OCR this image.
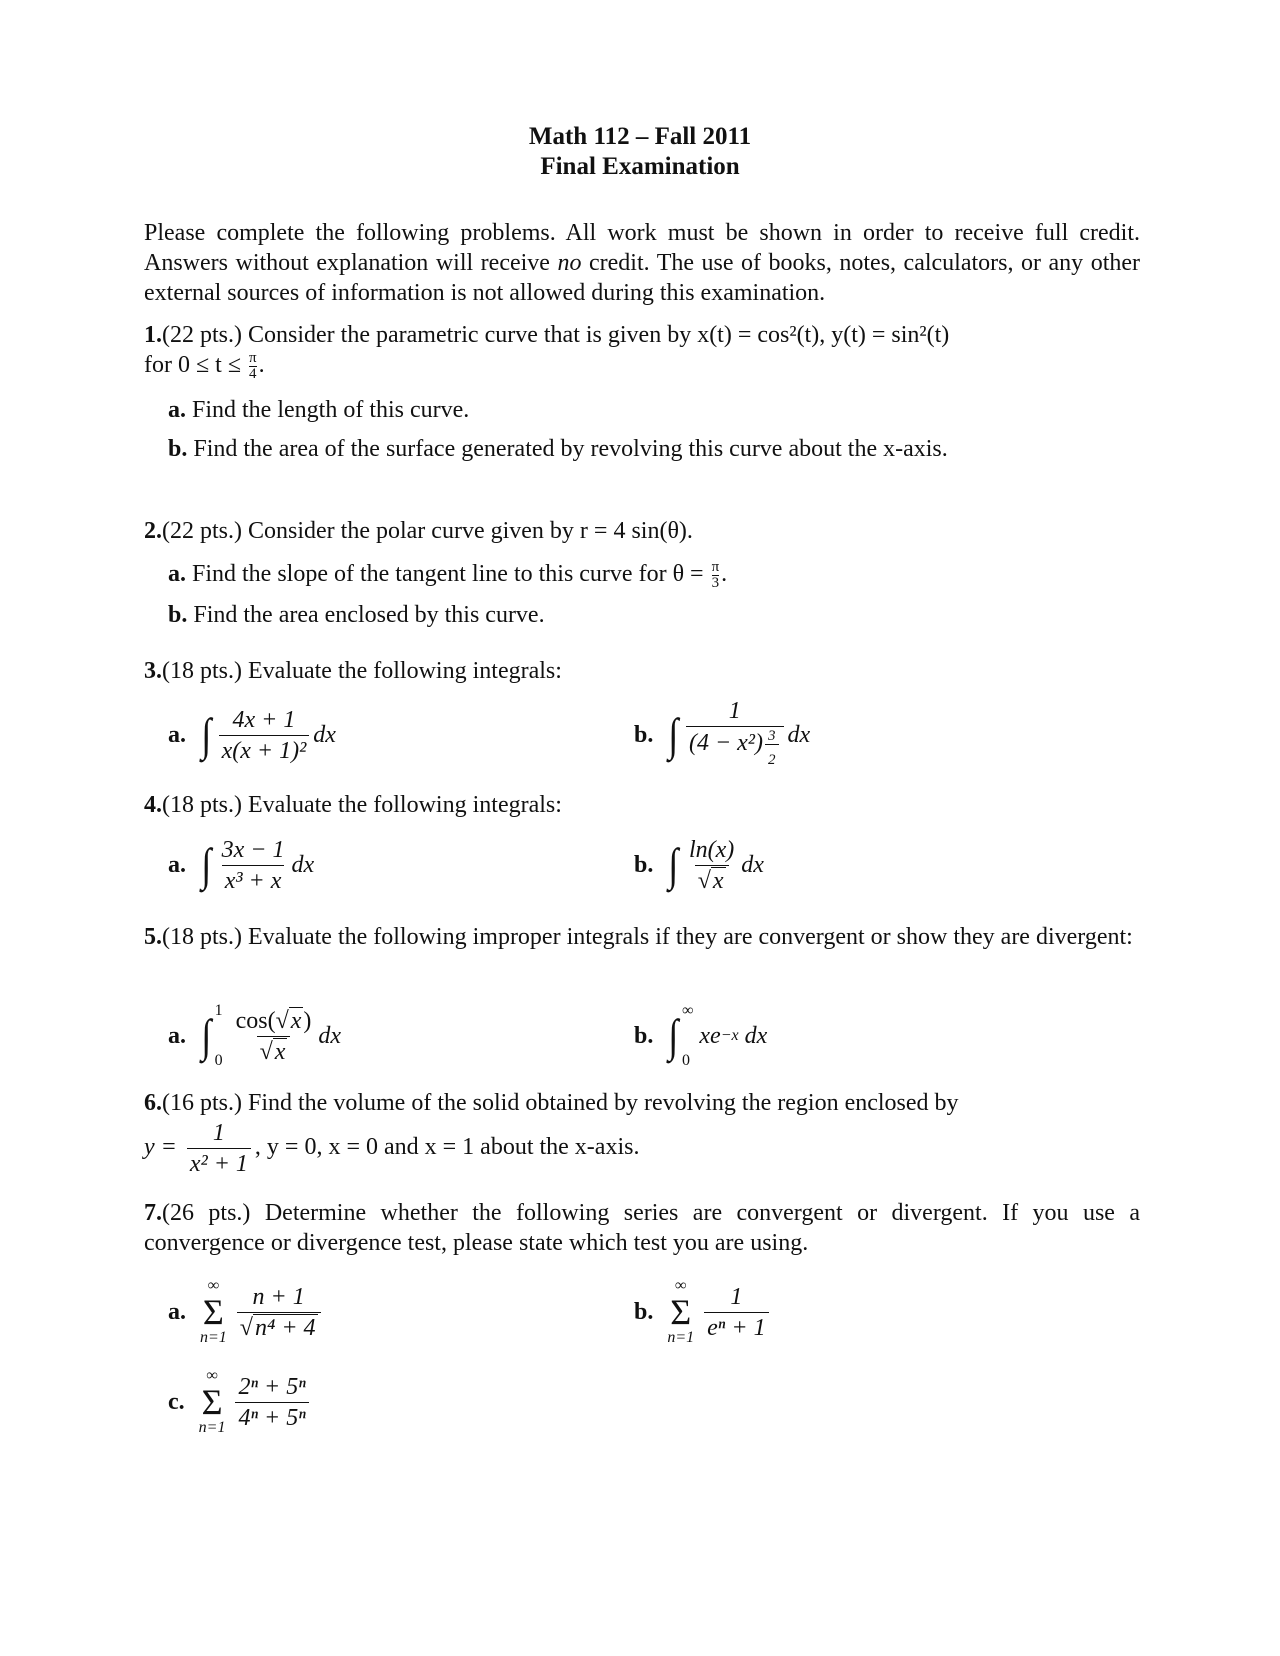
Math 112 – Fall 2011
Final Examination
Please complete the following problems. All work must be shown in order to receive full credit. Answers without explanation will receive no credit. The use of books, notes, calculators, or any other external sources of information is not allowed during this examination.
1.(22 pts.) Consider the parametric curve that is given by x(t) = cos²(t), y(t) = sin²(t)
for $0 \le t \le \frac{\pi}{4}$ .
a. Find the length of this curve.
b. Find the area of the surface generated by revolving this curve about the x-axis.
2.(22 pts.) Consider the polar curve given by r = 4 sin(θ).
a. Find the slope of the tangent line to this curve for $\theta = \frac{\pi}{3}$ .
b. Find the area enclosed by this curve.
3.(18 pts.) Evaluate the following integrals:
a. ∫ $\frac{4x + 1}{\text{x(x + 1)²}}$ dx	b. ∫ $\frac{1}{(4 - x^2) \frac{3}{2}}$ dx
4.(18 pts.) Evaluate the following integrals:
a. ∫ $\frac{3x - 1}{\text{x³ + x}}$ dx	b. ∫ $\frac{\ln(x)}{√x}$ dx
5.(18 pts.) Evaluate the following improper integrals if they are convergent or show they are divergent:
a. ∫ 1
$0 \frac{\cos(√x)}{√x}$ dx	b. ∫ ∞
0
xe −x
dx
6.(16 pts.) Find the volume of the solid obtained by revolving the region enclosed by
$y = \frac{1}{\text{x² + 1}}$ , y = 0, x = 0 and x = 1 about the x-axis.
7.(26 pts.) Determine whether the following series are convergent or divergent. If you use a convergence or divergence test, please state which test you are using.
a.
∞
Σ
$n=1 \frac{n + 1}{\text{√n⁴ + 4}}$	b.
∞
Σ
$n=1 \frac{1}{\text{eⁿ + 1}}$
c.
∞
Σ
$n=1 \frac{\text{2ⁿ + 5ⁿ}}{\text{4ⁿ + 5ⁿ}}$
